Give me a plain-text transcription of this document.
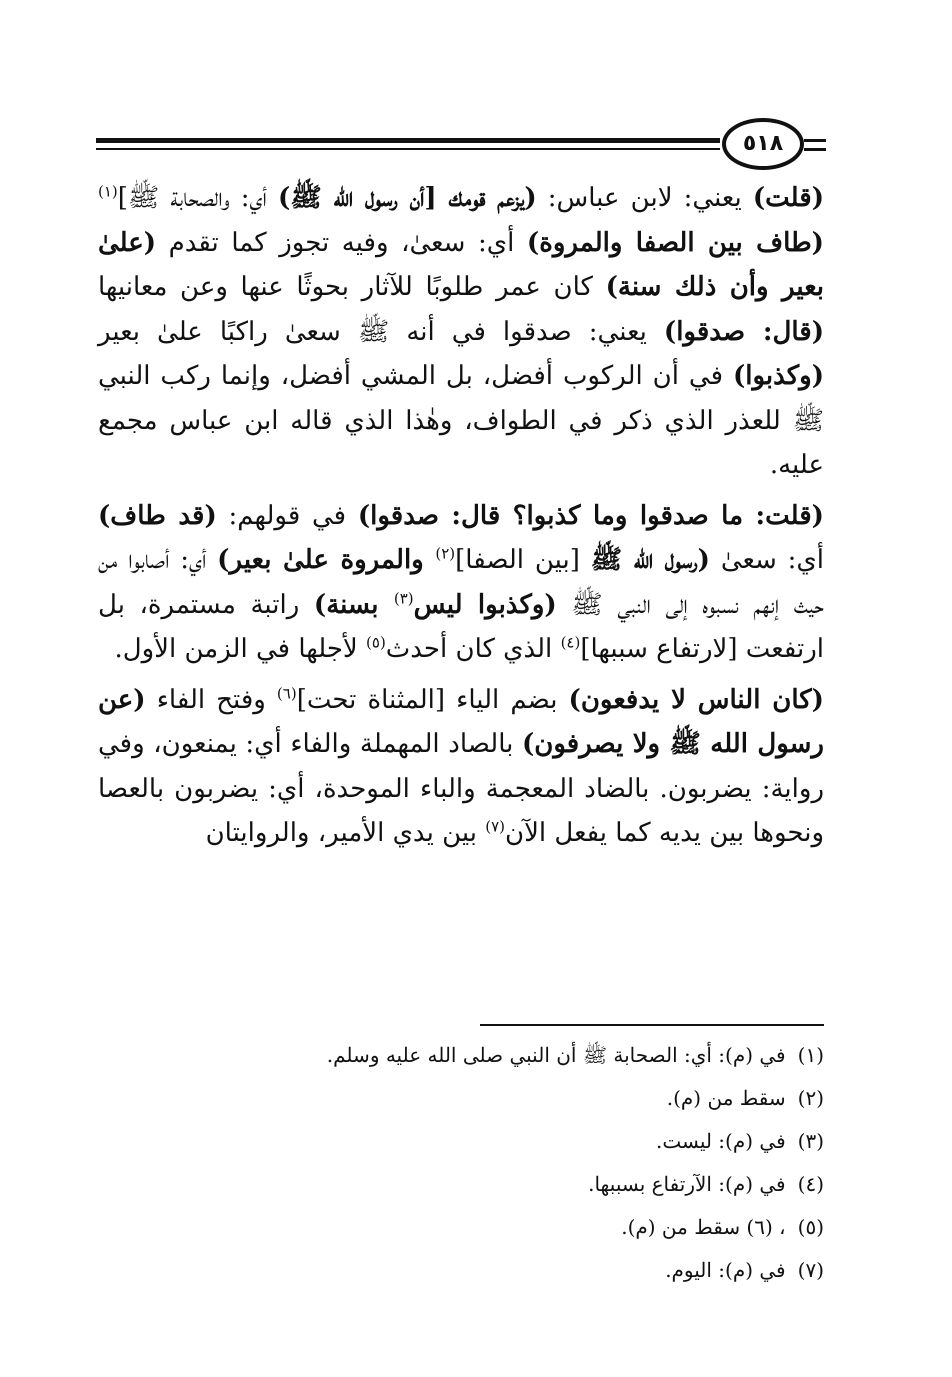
٥١٨

(قلت) يعني: لابن عباس: (يزعم قومك [أن رسول الله ﷺ) أي: والصحابة ﷺ]$^{(١)}$ (طاف بين الصفا والمروة) أي: سعىٰ، وفيه تجوز كما تقدم (علىٰ بعير وأن ذلك سنة) كان عمر طلوبًا للآثار بحوثًا عنها وعن معانيها (قال: صدقوا) يعني: صدقوا في أنه ﷺ سعىٰ راكبًا علىٰ بعير (وكذبوا) في أن الركوب أفضل، بل المشي أفضل، وإنما ركب النبي ﷺ للعذر الذي ذكر في الطواف، وهٰذا الذي قاله ابن عباس مجمع عليه.

(قلت: ما صدقوا وما كذبوا؟ قال: صدقوا) في قولهم: (قد طاف) أي: سعىٰ (رسول الله ﷺ [بين الصفا]$^{(٢)}$ والمروة علىٰ بعير) أي: أصابوا من حيث إنهم نسبوه إلى النبي ﷺ (وكذبوا ليس$^{(٣)}$ بسنة) راتبة مستمرة، بل ارتفعت [لارتفاع سببها]$^{(٤)}$ الذي كان أحدث$^{(٥)}$ لأجلها في الزمن الأول.

(كان الناس لا يدفعون) بضم الياء [المثناة تحت]$^{(٦)}$ وفتح الفاء (عن رسول الله ﷺ ولا يصرفون) بالصاد المهملة والفاء أي: يمنعون، وفي رواية: يضربون. بالضاد المعجمة والباء الموحدة، أي: يضربون بالعصا ونحوها بين يديه كما يفعل الآن$^{(٧)}$ بين يدي الأمير، والروايتان

(١)في (م): أي: الصحابة ﷺ أن النبي صلى الله عليه وسلم.
(٢)سقط من (م).
(٣)في (م): ليست.
(٤)في (م): الآرتفاع بسببها.
(٥)، (٦) سقط من (م).
(٧)في (م): اليوم.
